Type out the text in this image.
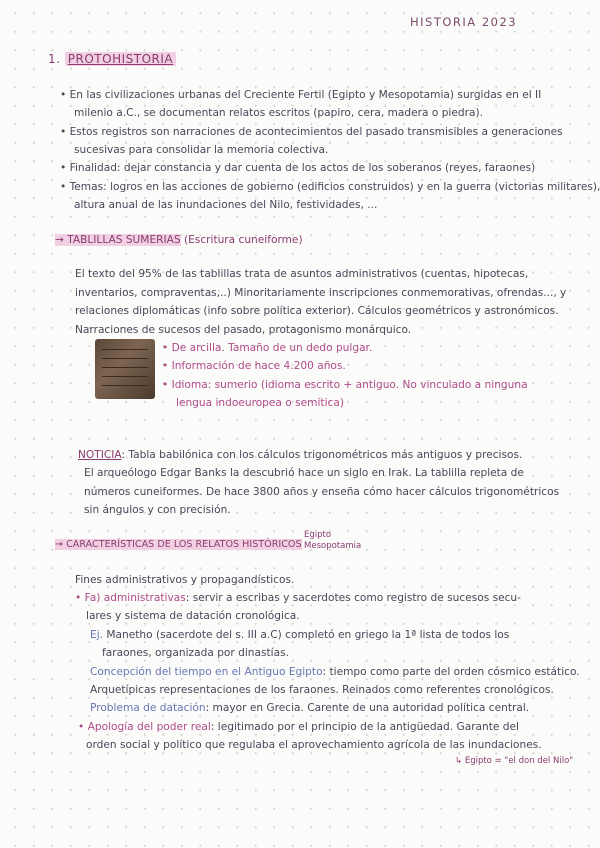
HISTORIA 2023
1. PROTOHISTORIA
• En las civilizaciones urbanas del Creciente Fertil (Egipto y Mesopotamia) surgidas en el II
milenio a.C., se documentan relatos escritos (papiro, cera, madera o piedra).
• Estos registros son narraciones de acontecimientos del pasado transmisibles a generaciones
sucesivas para consolidar la memoria colectiva.
• Finalidad: dejar constancia y dar cuenta de los actos de los soberanos (reyes, faraones)
• Temas: logros en las acciones de gobierno (edificios construidos) y en la guerra (victorias militares),
altura anual de las inundaciones del Nilo, festividades, ...
→ TABLILLAS SUMERIAS (Escritura cuneiforme)
El texto del 95% de las tablillas trata de asuntos administrativos (cuentas, hipotecas,
inventarios, compraventas,..) Minoritariamente inscripciones conmemorativas, ofrendas..., y
relaciones diplomáticas (info sobre política exterior). Cálculos geométricos y astronómicos.
Narraciones de sucesos del pasado, protagonismo monárquico.
• De arcilla. Tamaño de un dedo pulgar.
• Información de hace 4.200 años.
• Idioma: sumerio (idioma escrito + antiguo. No vinculado a ninguna
lengua indoeuropea o semítica)
NOTICIA: Tabla babilónica con los cálculos trigonométricos más antiguos y precisos.
El arqueólogo Edgar Banks la descubrió hace un siglo en Irak. La tablilla repleta de
números cuneiformes. De hace 3800 años y enseña cómo hacer cálculos trigonométricos
sin ángulos y con precisión.
→ CARACTERÍSTICAS DE LOS RELATOS HISTÓRICOS
Egipto
Mesopotamia
Fines administrativos y propagandísticos.
• Fa) administrativas: servir a escribas y sacerdotes como registro de sucesos secu-
lares y sistema de datación cronológica.
Ej. Manetho (sacerdote del s. III a.C) completó en griego la 1ª lista de todos los
faraones, organizada por dinastías.
Concepción del tiempo en el Antiguo Egipto: tiempo como parte del orden cósmico estático.
Arquetípicas representaciones de los faraones. Reinados como referentes cronológicos.
Problema de datación: mayor en Grecia. Carente de una autoridad política central.
• Apología del poder real: legitimado por el principio de la antigüedad. Garante del
orden social y político que regulaba el aprovechamiento agrícola de las inundaciones.
↳ Egipto = "el don del Nilo"
